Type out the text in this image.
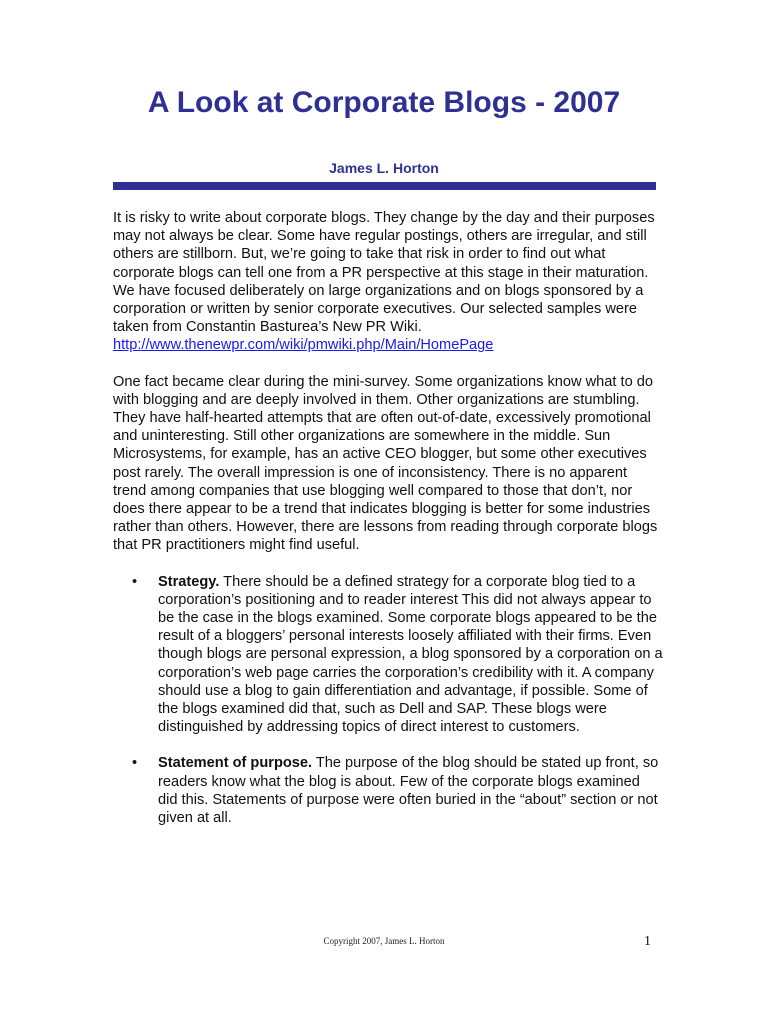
A Look at Corporate Blogs - 2007

James L. Horton

It is risky to write about corporate blogs. They change by the day and their purposes may not always be clear. Some have regular postings, others are irregular, and still others are stillborn. But, we’re going to take that risk in order to find out what corporate blogs can tell one from a PR perspective at this stage in their maturation. We have focused deliberately on large organizations and on blogs sponsored by a corporation or written by senior corporate executives. Our selected samples were taken from Constantin Basturea’s New PR Wiki.
http://www.thenewpr.com/wiki/pmwiki.php/Main/HomePage

One fact became clear during the mini-survey. Some organizations know what to do with blogging and are deeply involved in them. Other organizations are stumbling. They have half-hearted attempts that are often out-of-date, excessively promotional and uninteresting. Still other organizations are somewhere in the middle. Sun Microsystems, for example, has an active CEO blogger, but some other executives post rarely. The overall impression is one of inconsistency. There is no apparent trend among companies that use blogging well compared to those that don’t, nor does there appear to be a trend that indicates blogging is better for some industries rather than others. However, there are lessons from reading through corporate blogs that PR practitioners might find useful.

• Strategy. There should be a defined strategy for a corporate blog tied to a corporation’s positioning and to reader interest This did not always appear to be the case in the blogs examined. Some corporate blogs appeared to be the result of a bloggers’ personal interests loosely affiliated with their firms. Even though blogs are personal expression, a blog sponsored by a corporation on a corporation’s web page carries the corporation’s credibility with it. A company should use a blog to gain differentiation and advantage, if possible. Some of the blogs examined did that, such as Dell and SAP. These blogs were distinguished by addressing topics of direct interest to customers.
• Statement of purpose. The purpose of the blog should be stated up front, so readers know what the blog is about. Few of the corporate blogs examined did this. Statements of purpose were often buried in the “about” section or not given at all.
Copyright 2007, James L. Horton	1
